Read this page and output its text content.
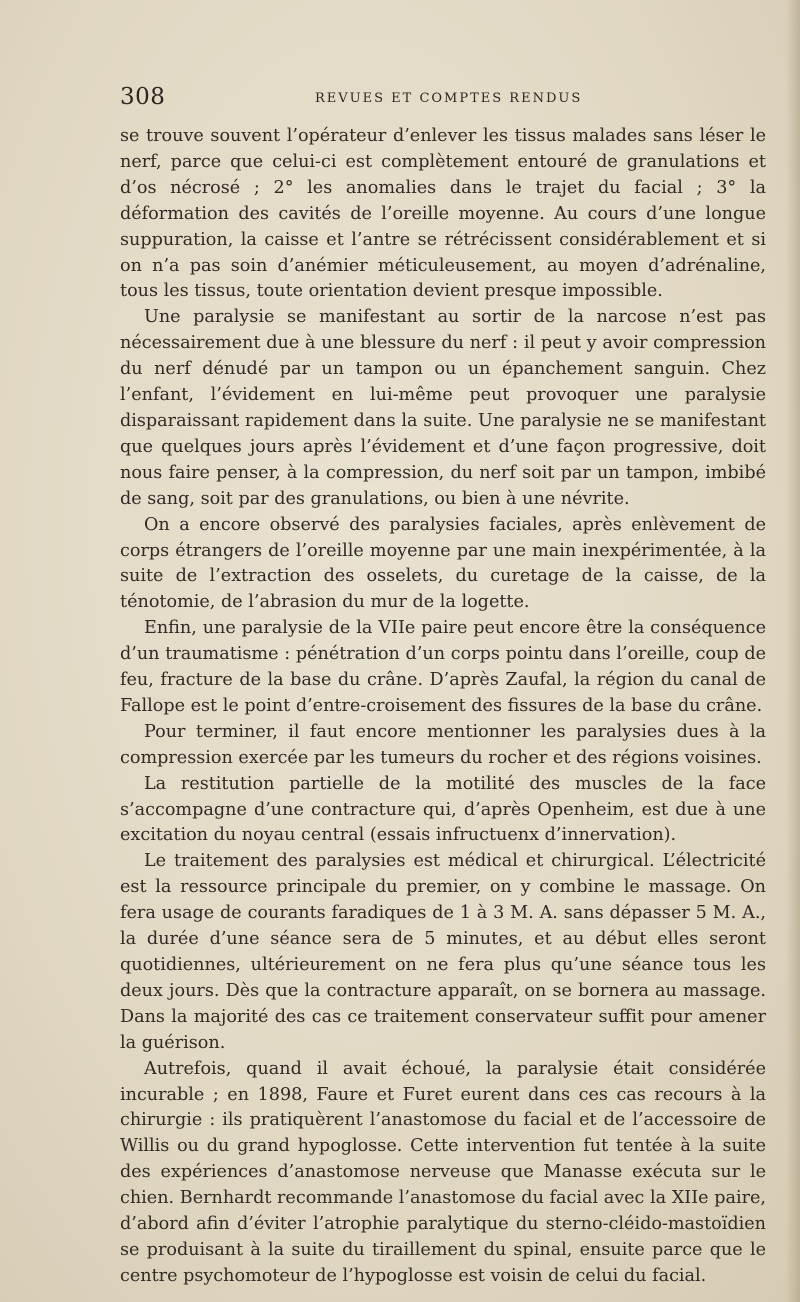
308	REVUES ET COMPTES RENDUS

se trouve souvent l’opérateur d’enlever les tissus malades sans léser le nerf, parce que celui-ci est complètement entouré de granulations et d’os nécrosé ; 2° les anomalies dans le trajet du facial ; 3° la déformation des cavités de l’oreille moyenne. Au cours d’une longue suppuration, la caisse et l’antre se rétrécissent considérablement et si on n’a pas soin d’anémier méticuleusement, au moyen d’adrénaline, tous les tissus, toute orientation devient presque impossible.

Une paralysie se manifestant au sortir de la narcose n’est pas nécessairement due à une blessure du nerf : il peut y avoir compression du nerf dénudé par un tampon ou un épanchement sanguin. Chez l’enfant, l’évidement en lui-même peut provoquer une paralysie disparaissant rapidement dans la suite. Une paralysie ne se manifestant que quelques jours après l’évidement et d’une façon progressive, doit nous faire penser, à la compression, du nerf soit par un tampon, imbibé de sang, soit par des granulations, ou bien à une névrite.

On a encore observé des paralysies faciales, après enlèvement de corps étrangers de l’oreille moyenne par une main inexpérimentée, à la suite de l’extraction des osselets, du curetage de la caisse, de la ténotomie, de l’abrasion du mur de la logette.

Enfin, une paralysie de la VIIe paire peut encore être la conséquence d’un traumatisme : pénétration d’un corps pointu dans l’oreille, coup de feu, fracture de la base du crâne. D’après Zaufal, la région du canal de Fallope est le point d’entre-croisement des fissures de la base du crâne.

Pour terminer, il faut encore mentionner les paralysies dues à la compression exercée par les tumeurs du rocher et des régions voisines.

La restitution partielle de la motilité des muscles de la face s’accompagne d’une contracture qui, d’après Openheim, est due à une excitation du noyau central (essais infructuenx d’innervation).

Le traitement des paralysies est médical et chirurgical. L’électricité est la ressource principale du premier, on y combine le massage. On fera usage de courants faradiques de 1 à 3 M. A. sans dépasser 5 M. A., la durée d’une séance sera de 5 minutes, et au début elles seront quotidiennes, ultérieurement on ne fera plus qu’une séance tous les deux jours. Dès que la contracture apparaît, on se bornera au massage. Dans la majorité des cas ce traitement conservateur suffit pour amener la guérison.

Autrefois, quand il avait échoué, la paralysie était considérée incurable ; en 1898, Faure et Furet eurent dans ces cas recours à la chirurgie : ils pratiquèrent l’anastomose du facial et de l’accessoire de Willis ou du grand hypoglosse. Cette intervention fut tentée à la suite des expériences d’anastomose nerveuse que Manasse exécuta sur le chien. Bernhardt recommande l’anastomose du facial avec la XIIe paire, d’abord afin d’éviter l’atrophie paralytique du sterno-cléido-mastoïdien se produisant à la suite du tiraillement du spinal, ensuite parce que le centre psychomoteur de l’hypoglosse est voisin de celui du facial.
